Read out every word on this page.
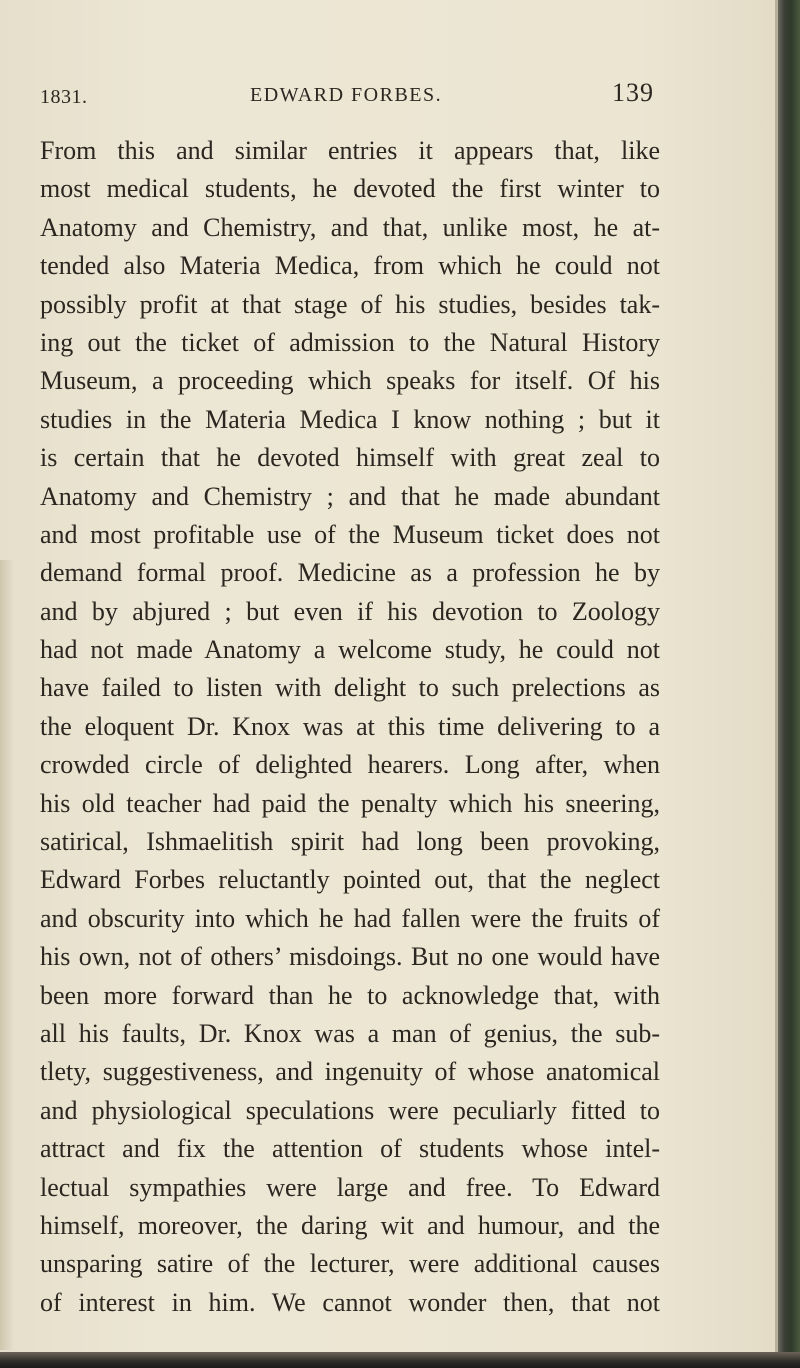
1831.	EDWARD FORBES.	139
From this and similar entries it appears that, like
most medical students, he devoted the first winter to
Anatomy and Chemistry, and that, unlike most, he at-
tended also Materia Medica, from which he could not
possibly profit at that stage of his studies, besides tak-
ing out the ticket of admission to the Natural History
Museum, a proceeding which speaks for itself. Of his
studies in the Materia Medica I know nothing ; but it
is certain that he devoted himself with great zeal to
Anatomy and Chemistry ; and that he made abundant
and most profitable use of the Museum ticket does not
demand formal proof. Medicine as a profession he by
and by abjured ; but even if his devotion to Zoology
had not made Anatomy a welcome study, he could not
have failed to listen with delight to such prelections as
the eloquent Dr. Knox was at this time delivering to a
crowded circle of delighted hearers. Long after, when
his old teacher had paid the penalty which his sneering,
satirical, Ishmaelitish spirit had long been provoking,
Edward Forbes reluctantly pointed out, that the neglect
and obscurity into which he had fallen were the fruits of
his own, not of others’ misdoings. But no one would have
been more forward than he to acknowledge that, with
all his faults, Dr. Knox was a man of genius, the sub-
tlety, suggestiveness, and ingenuity of whose anatomical
and physiological speculations were peculiarly fitted to
attract and fix the attention of students whose intel-
lectual sympathies were large and free. To Edward
himself, moreover, the daring wit and humour, and the
unsparing satire of the lecturer, were additional causes
of interest in him. We cannot wonder then, that not
